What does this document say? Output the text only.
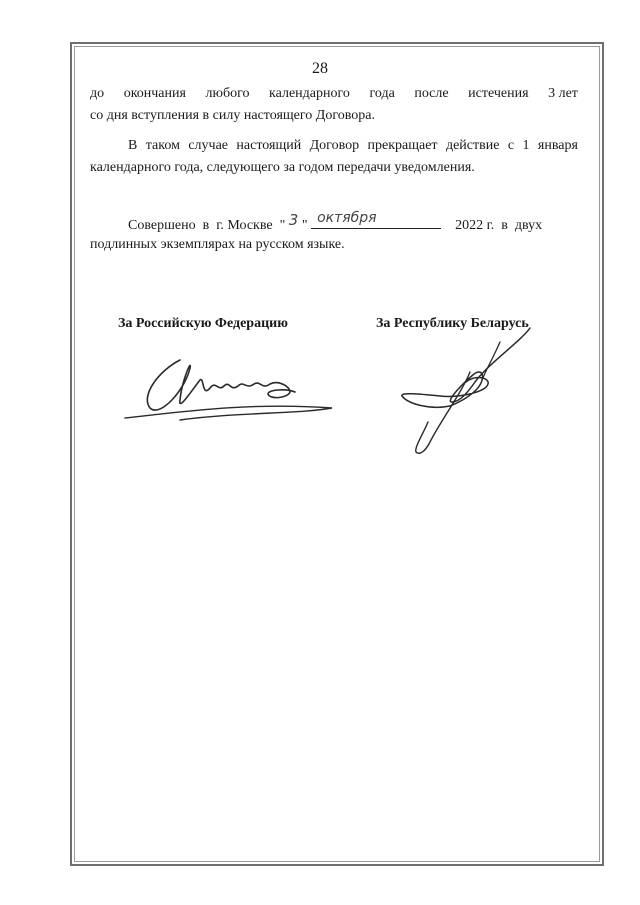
28
до окончания любого календарного года после истечения 3 лет
со дня вступления в силу настоящего Договора.
В таком случае настоящий Договор прекращает действие с 1 января
календарного года, следующего за годом передачи уведомления.
Совершено в г. Москве " 3 " октября	2022 г. в двух
подлинных экземплярах на русском языке.
За Российскую Федерацию	За Республику Беларусь
